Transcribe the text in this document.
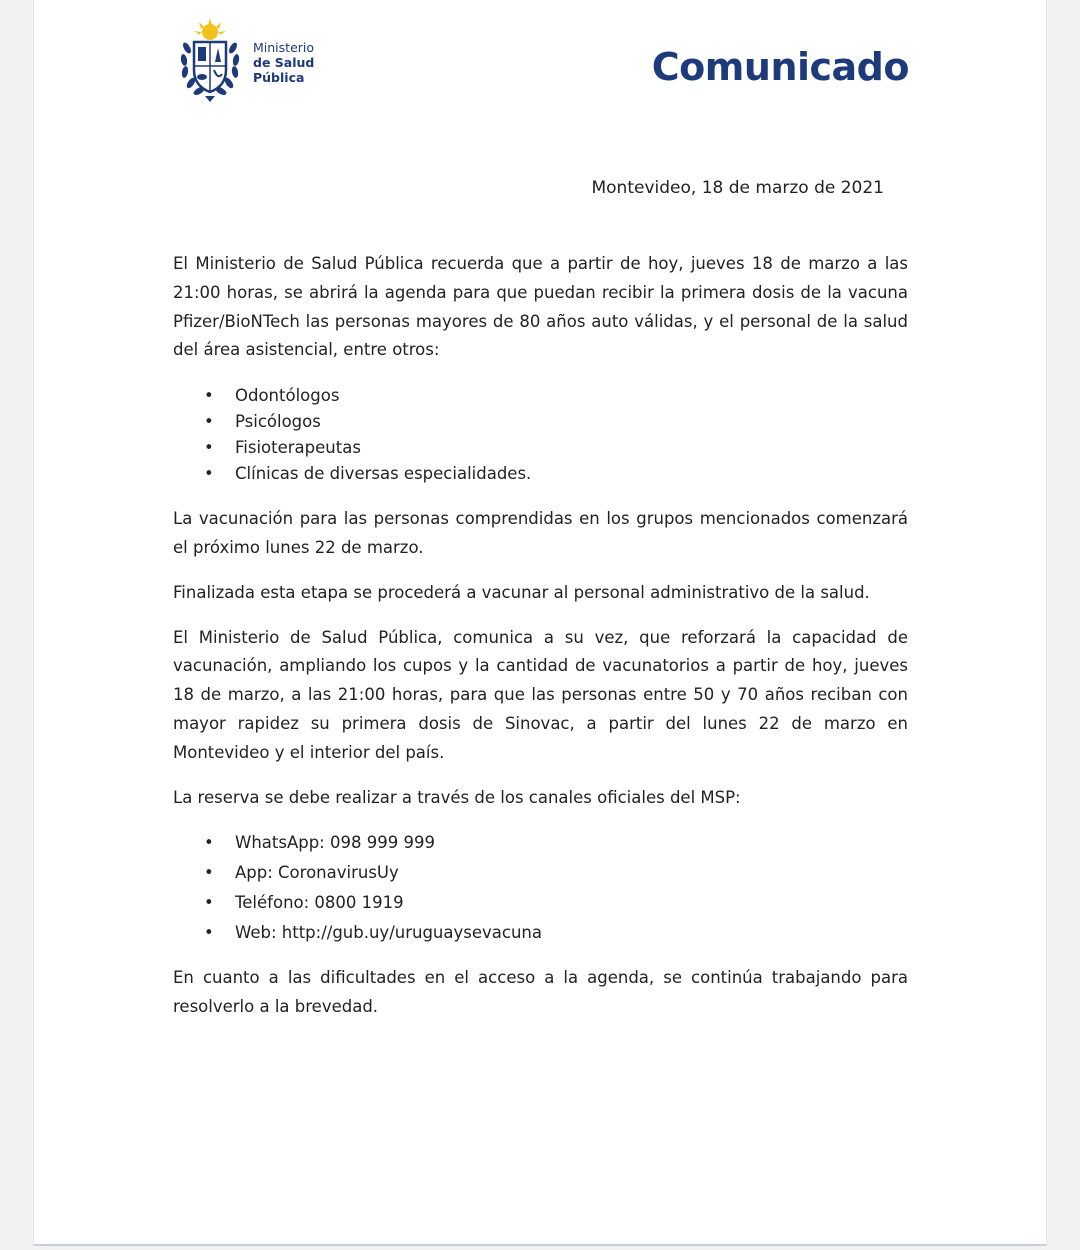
Ministerio
de Salud
Pública	Comunicado
Montevideo, 18 de marzo de 2021

El Ministerio de Salud Pública recuerda que a partir de hoy, jueves 18 de marzo a las 21:00 horas, se abrirá la agenda para que puedan recibir la primera dosis de la vacuna Pfizer/BioNTech las personas mayores de 80 años auto válidas, y el personal de la salud del área asistencial, entre otros:

• Odontólogos
• Psicólogos
• Fisioterapeutas
• Clínicas de diversas especialidades.

La vacunación para las personas comprendidas en los grupos mencionados comenzará el próximo lunes 22 de marzo.

Finalizada esta etapa se procederá a vacunar al personal administrativo de la salud.

El Ministerio de Salud Pública, comunica a su vez, que reforzará la capacidad de vacunación, ampliando los cupos y la cantidad de vacunatorios a partir de hoy, jueves 18 de marzo, a las 21:00 horas, para que las personas entre 50 y 70 años reciban con mayor rapidez su primera dosis de Sinovac, a partir del lunes 22 de marzo en Montevideo y el interior del país.

La reserva se debe realizar a través de los canales oficiales del MSP:

• WhatsApp: 098 999 999
• App: CoronavirusUy
• Teléfono: 0800 1919
• Web: http://gub.uy/uruguaysevacuna

En cuanto a las dificultades en el acceso a la agenda, se continúa trabajando para resolverlo a la brevedad.
